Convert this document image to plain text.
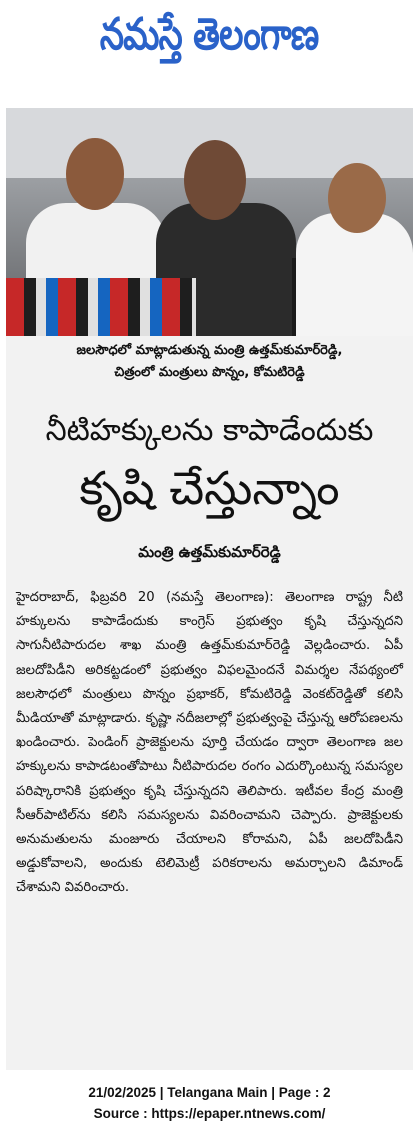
నమస్తే తెలంగాణ
జలసౌధలో మాట్లాడుతున్న మంత్రి ఉత్తమ్‌కుమార్‌రెడ్డి,
చిత్రంలో మంత్రులు పొన్నం, కోమటిరెడ్డి
నీటిహక్కులను కాపాడేందుకు
కృషి చేస్తున్నాం
మంత్రి ఉత్తమ్‌కుమార్‌రెడ్డి
హైదరాబాద్, ఫిబ్రవరి 20 (నమస్తే తెలంగాణ): తెలంగాణ రాష్ట్ర నీటి హక్కులను కాపాడేందుకు కాంగ్రెస్ ప్రభుత్వం కృషి చేస్తున్నదని సాగునీటిపారుదల శాఖ మంత్రి ఉత్తమ్‌కుమార్‌రెడ్డి వెల్లడించారు. ఏపీ జలదోపిడీని అరికట్టడంలో ప్రభుత్వం విఫలమైందనే విమర్శల నేపథ్యంలో జలసౌధలో మంత్రులు పొన్నం ప్రభాకర్, కోమటిరెడ్డి వెంకట్‌రెడ్డితో కలిసి మీడియాతో మాట్లాడారు. కృష్ణా నదీజలాల్లో ప్రభుత్వంపై చేస్తున్న ఆరోపణలను ఖండించారు. పెండింగ్ ప్రాజెక్టులను పూర్తి చేయడం ద్వారా తెలంగాణ జల హక్కులను కాపాడటంతోపాటు నీటిపారుదల రంగం ఎదుర్కొంటున్న సమస్యల పరిష్కారానికి ప్రభుత్వం కృషి చేస్తున్నదని తెలిపారు. ఇటీవల కేంద్ర మంత్రి సీఆర్‌పాటిల్‌ను కలిసి సమస్యలను వివరించామని చెప్పారు. ప్రాజెక్టులకు అనుమతులను మంజూరు చేయాలని కోరామని, ఏపీ జలదోపిడీని అడ్డుకోవాలని, అందుకు టెలిమెట్రీ పరికరాలను అమర్చాలని డిమాండ్ చేశామని వివరించారు.
21/02/2025 | Telangana Main | Page : 2
Source : https://epaper.ntnews.com/
